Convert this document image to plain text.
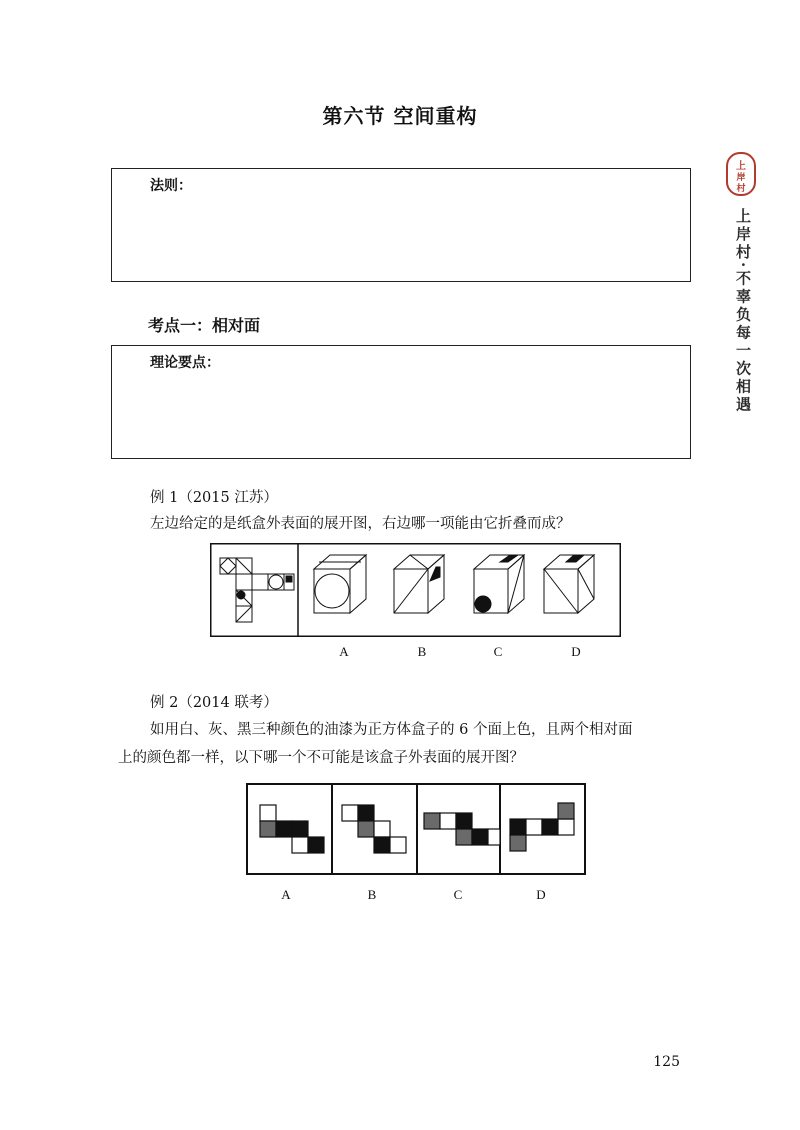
第六节 空间重构
上
岸
村
上岸村·不辜负每一次相遇
法则：
考点一：相对面
理论要点：
例 1（2015 江苏）
左边给定的是纸盒外表面的展开图，右边哪一项能由它折叠而成？
A	B	C	D
例 2（2014 联考）
如用白、灰、黑三种颜色的油漆为正方体盒子的 6 个面上色，且两个相对面
上的颜色都一样，以下哪一个不可能是该盒子外表面的展开图？
A	B	C	D
125
